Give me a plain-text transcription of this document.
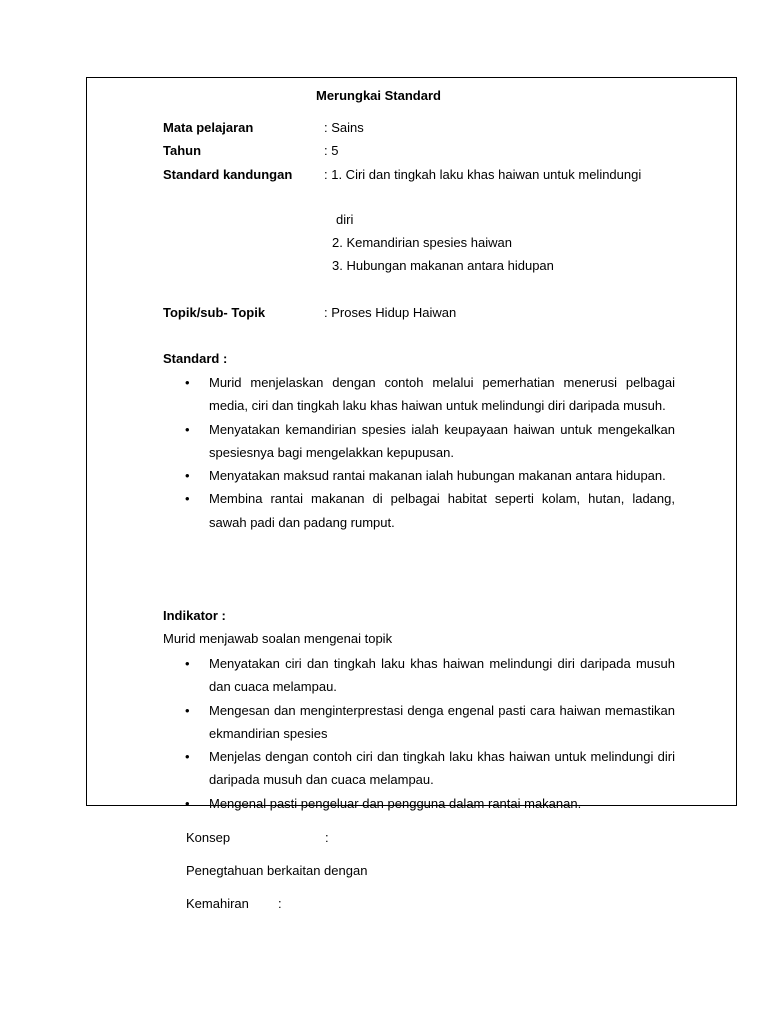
Merungkai Standard
Mata pelajaran	: Sains
Tahun	: 5
Standard kandungan : 1. Ciri dan tingkah laku khas haiwan untuk melindungi
diri
2. Kemandirian spesies haiwan
3. Hubungan makanan antara hidupan
Topik/sub- Topik	: Proses Hidup Haiwan
Standard :
• Murid menjelaskan dengan contoh melalui pemerhatian menerusi pelbagai media, ciri dan tingkah laku khas haiwan untuk melindungi diri daripada musuh.
• Menyatakan kemandirian spesies ialah keupayaan haiwan untuk mengekalkan spesiesnya bagi mengelakkan kepupusan.
• Menyatakan maksud rantai makanan ialah hubungan makanan antara hidupan.
• Membina rantai makanan di pelbagai habitat seperti kolam, hutan, ladang, sawah padi dan padang rumput.
Indikator :
Murid menjawab soalan mengenai topik
• Menyatakan ciri dan tingkah laku khas haiwan melindungi diri daripada musuh dan cuaca melampau.
• Mengesan dan menginterprestasi denga engenal pasti cara haiwan memastikan ekmandirian spesies
• Menjelas dengan contoh ciri dan tingkah laku khas haiwan untuk melindungi diri daripada musuh dan cuaca melampau.
• Mengenal pasti pengeluar dan pengguna dalam rantai makanan.
Konsep	:
Penegtahuan berkaitan dengan
Kemahiran :
